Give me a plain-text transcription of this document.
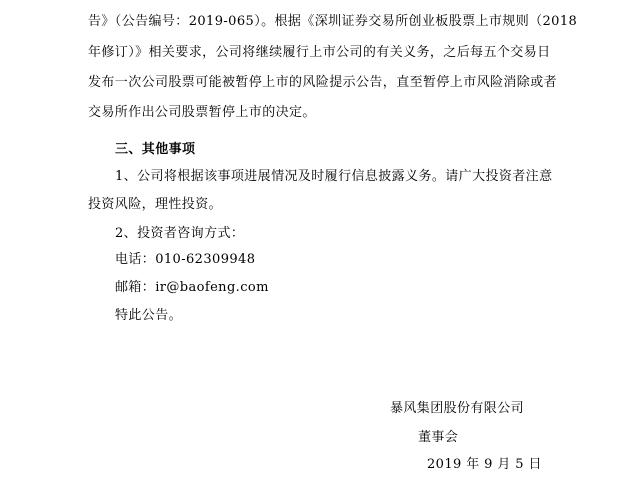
告》（公告编号：2019-065）。根据《深圳证券交易所创业板股票上市规则（2018
年修订）》相关要求，公司将继续履行上市公司的有关义务，之后每五个交易日
发布一次公司股票可能被暂停上市的风险提示公告，直至暂停上市风险消除或者
交易所作出公司股票暂停上市的决定。
三、其他事项
1、公司将根据该事项进展情况及时履行信息披露义务。请广大投资者注意
投资风险，理性投资。
2、投资者咨询方式：
电话：010-62309948
邮箱：ir@baofeng.com
特此公告。
暴风集团股份有限公司
董事会
2019 年 9 月 5 日
